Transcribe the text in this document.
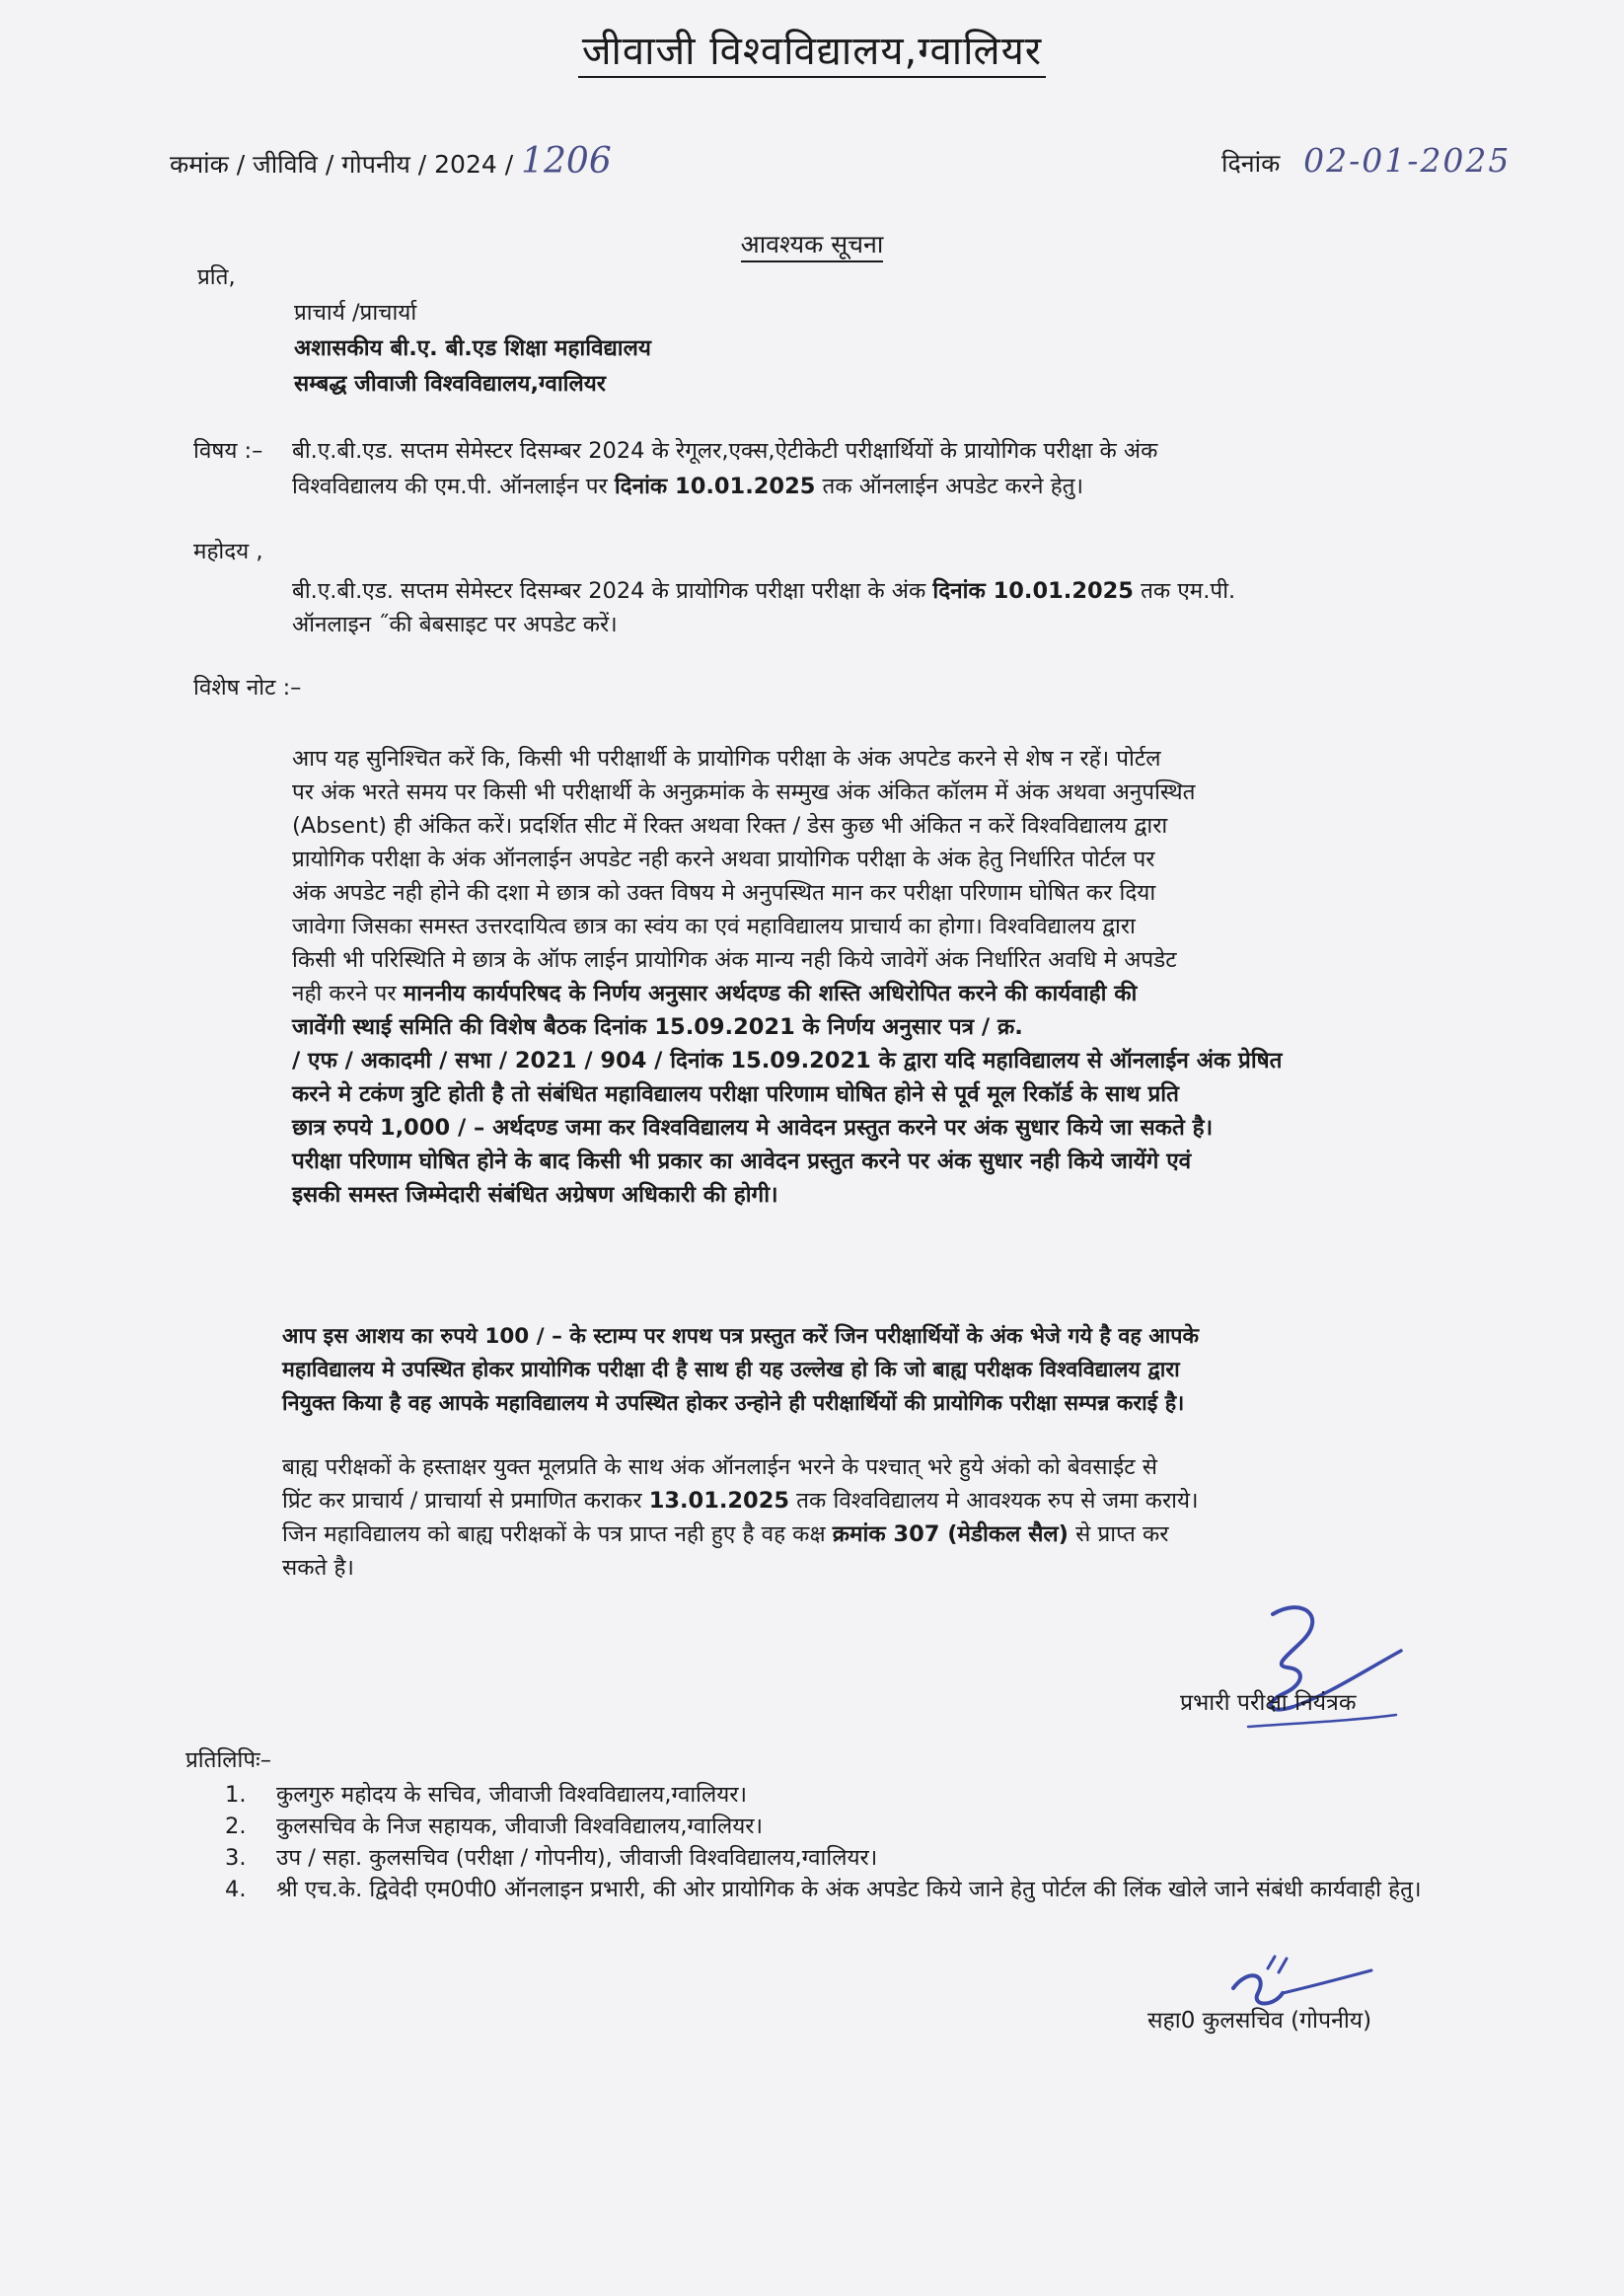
जीवाजी विश्वविद्यालय,ग्वालियर
कमांक / जीविवि / गोपनीय / 2024 / 1206	दिनांक 02-01-2025
आवश्यक सूचना
प्रति,
प्राचार्य /प्राचार्या
अशासकीय बी.ए. बी.एड शिक्षा महाविद्यालय
सम्बद्ध जीवाजी विश्वविद्यालय,ग्वालियर
विषय :– बी.ए.बी.एड. सप्तम सेमेस्टर दिसम्बर 2024 के रेगूलर,एक्स,ऐटीकेटी परीक्षार्थियों के प्रायोगिक परीक्षा के अंक
विश्वविद्यालय की एम.पी. ऑनलाईन पर दिनांक 10.01.2025 तक ऑनलाईन अपडेट करने हेतु।
महोदय ,
बी.ए.बी.एड. सप्तम सेमेस्टर दिसम्बर 2024 के प्रायोगिक परीक्षा परीक्षा के अंक दिनांक 10.01.2025 तक एम.पी.
ऑनलाइन ˝की बेबसाइट पर अपडेट करें।
विशेष नोट :–
आप यह सुनिश्चित करें कि, किसी भी परीक्षार्थी के प्रायोगिक परीक्षा के अंक अपटेड करने से शेष न रहें। पोर्टल
पर अंक भरते समय पर किसी भी परीक्षार्थी के अनुक्रमांक के सम्मुख अंक अंकित कॉलम में अंक अथवा अनुपस्थित
(Absent) ही अंकित करें। प्रदर्शित सीट में रिक्त अथवा रिक्त / डेस कुछ भी अंकित न करें विश्वविद्यालय द्वारा
प्रायोगिक परीक्षा के अंक ऑनलाईन अपडेट नही करने अथवा प्रायोगिक परीक्षा के अंक हेतु निर्धारित पोर्टल पर
अंक अपडेट नही होने की दशा मे छात्र को उक्त विषय मे अनुपस्थित मान कर परीक्षा परिणाम घोषित कर दिया
जावेगा जिसका समस्त उत्तरदायित्व छात्र का स्वंय का एवं महाविद्यालय प्राचार्य का होगा। विश्वविद्यालय द्वारा
किसी भी परिस्थिति मे छात्र के ऑफ लाईन प्रायोगिक अंक मान्य नही किये जावेगें अंक निर्धारित अवधि मे अपडेट
नही करने पर माननीय कार्यपरिषद के निर्णय अनुसार अर्थदण्ड की शस्ति अधिरोपित करने की कार्यवाही की
जावेंगी स्थाई समिति की विशेष बैठक दिनांक 15.09.2021 के निर्णय अनुसार पत्र / क्र.
/ एफ / अकादमी / सभा / 2021 / 904 / दिनांक 15.09.2021 के द्वारा यदि महाविद्यालय से ऑनलाईन अंक प्रेषित
करने मे टकंण त्रुटि होती है तो संबंधित महाविद्यालय परीक्षा परिणाम घोषित होने से पूर्व मूल रिकॉर्ड के साथ प्रति
छात्र रुपये 1,000 / – अर्थदण्ड जमा कर विश्वविद्यालय मे आवेदन प्रस्तुत करने पर अंक सुधार किये जा सकते है।
परीक्षा परिणाम घोषित होने के बाद किसी भी प्रकार का आवेदन प्रस्तुत करने पर अंक सुधार नही किये जायेंगे एवं
इसकी समस्त जिम्मेदारी संबंधित अग्रेषण अधिकारी की होगी।
आप इस आशय का रुपये 100 / – के स्टाम्प पर शपथ पत्र प्रस्तुत करें जिन परीक्षार्थियों के अंक भेजे गये है वह आपके
महाविद्यालय मे उपस्थित होकर प्रायोगिक परीक्षा दी है साथ ही यह उल्लेख हो कि जो बाह्य परीक्षक विश्वविद्यालय द्वारा
नियुक्त किया है वह आपके महाविद्यालय मे उपस्थित होकर उन्होने ही परीक्षार्थियों की प्रायोगिक परीक्षा सम्पन्न कराई है।
बाह्य परीक्षकों के हस्ताक्षर युक्त मूलप्रति के साथ अंक ऑनलाईन भरने के पश्चात् भरे हुये अंको को बेवसाईट से
प्रिंट कर प्राचार्य / प्राचार्या से प्रमाणित कराकर 13.01.2025 तक विश्वविद्यालय मे आवश्यक रुप से जमा कराये।
जिन महाविद्यालय को बाह्य परीक्षकों के पत्र प्राप्त नही हुए है वह कक्ष क्रमांक 307 (मेडीकल सैल) से प्राप्त कर
सकते है।
प्रभारी परीक्षा नियंत्रक
प्रतिलिपिः–
1.	कुलगुरु महोदय के सचिव, जीवाजी विश्वविद्यालय,ग्वालियर।
2.	कुलसचिव के निज सहायक, जीवाजी विश्वविद्यालय,ग्वालियर।
3.	उप / सहा. कुलसचिव (परीक्षा / गोपनीय), जीवाजी विश्वविद्यालय,ग्वालियर।
4.	श्री एच.के. द्विवेदी एम0पी0 ऑनलाइन प्रभारी, की ओर प्रायोगिक के अंक अपडेट किये जाने हेतु पोर्टल की लिंक खोले जाने संबंधी कार्यवाही हेतु।
सहा0 कुलसचिव (गोपनीय)
